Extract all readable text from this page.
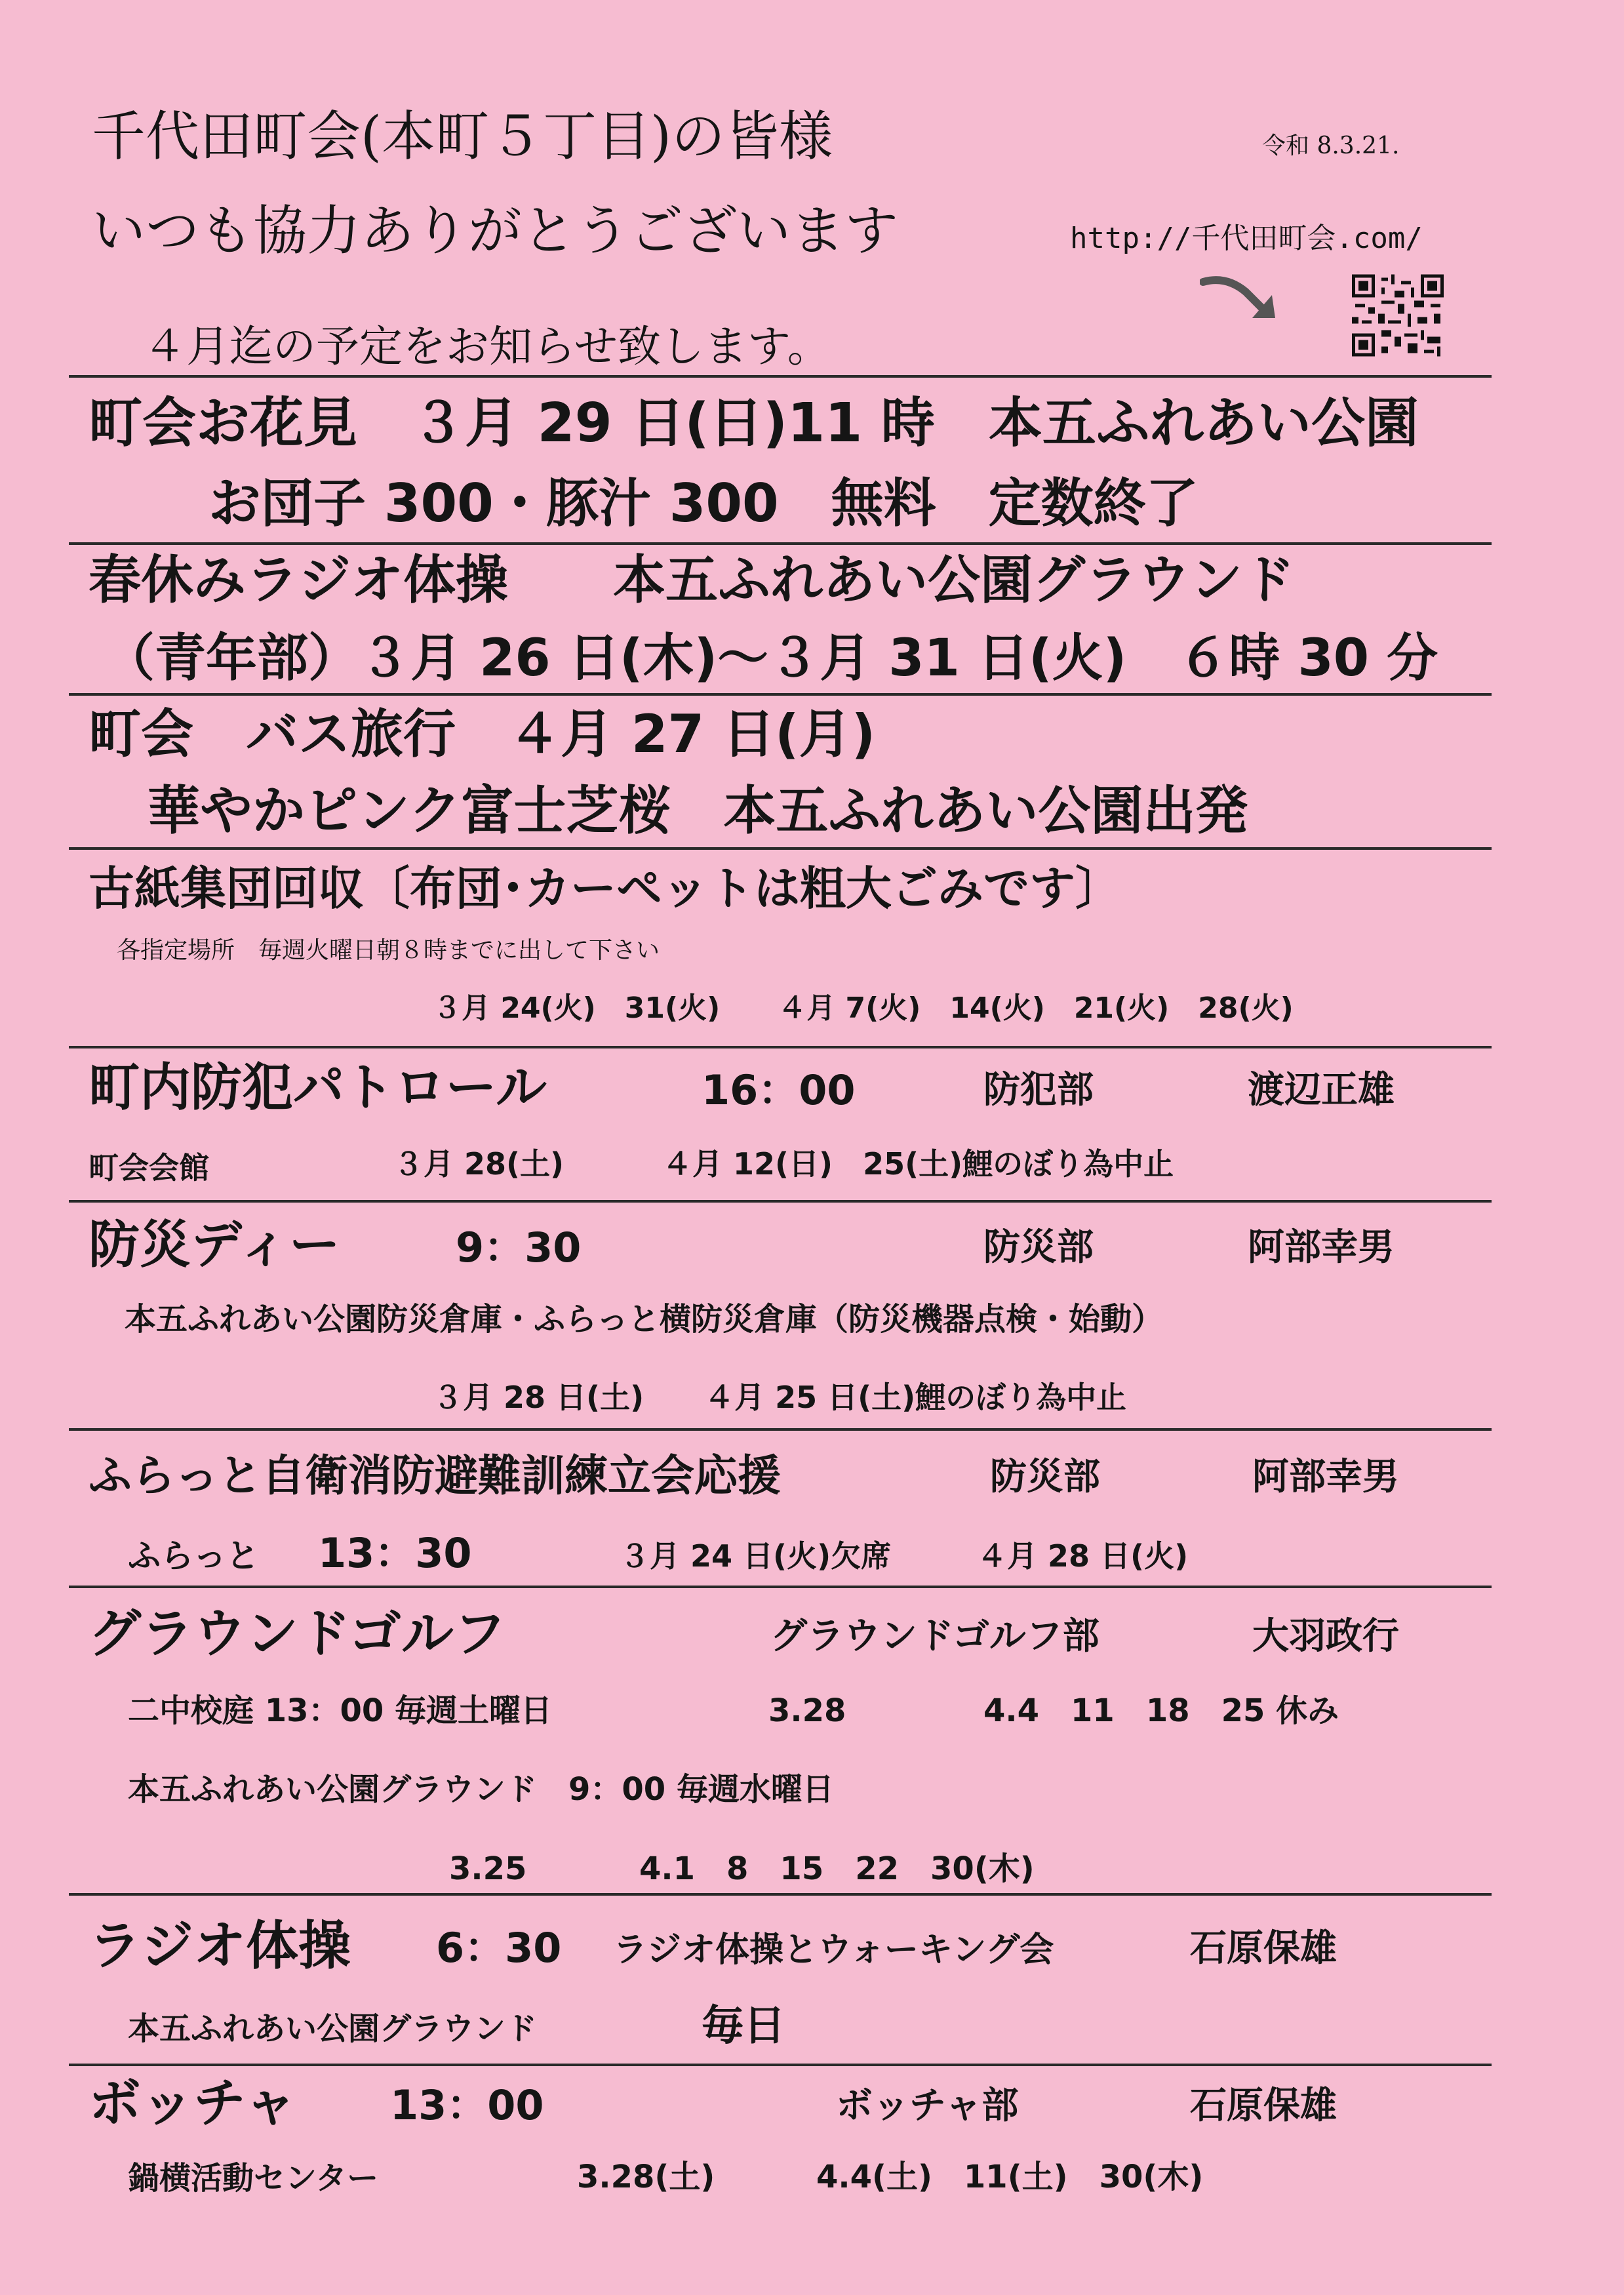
千代田町会(本町５丁目)の皆様	令和 8.3.21.
いつも協力ありがとうございます	http://千代田町会.com/
４月迄の予定をお知らせ致します。
町会お花見　３月 29 日(日)11 時　本五ふれあい公園
お団子 300・豚汁 300　無料　定数終了
春休みラジオ体操　　本五ふれあい公園グラウンド
（青年部）３月 26 日(木)～３月 31 日(火)　６時 30 分
町会　バス旅行　４月 27 日(月)
華やかピンク富士芝桜　本五ふれあい公園出発
古紙集団回収〔布団･カーペットは粗大ごみです〕
各指定場所　毎週火曜日朝８時までに出して下さい
３月 24(火)　31(火)　　４月 7(火)　14(火)　21(火)　28(火)
町内防犯パトロール	16：00	防犯部	渡辺正雄
町会会館	３月 28(土)	４月 12(日)　25(土)鯉のぼり為中止
防災ディー	9：30	防災部	阿部幸男
本五ふれあい公園防災倉庫・ふらっと横防災倉庫（防災機器点検・始動）
３月 28 日(土)　　４月 25 日(土)鯉のぼり為中止
ふらっと自衛消防避難訓練立会応援	防災部	阿部幸男
ふらっと 13：30	３月 24 日(火)欠席	４月 28 日(火)
グラウンドゴルフ	グラウンドゴルフ部	大羽政行
二中校庭 13：00 毎週土曜日	3.28	4.4　11　18　25 休み
本五ふれあい公園グラウンド　9：00 毎週水曜日
3.25	4.1　8　15　22　30(木)
ラジオ体操 6：30 ラジオ体操とウォーキング会	石原保雄
本五ふれあい公園グラウンド	毎日
ボッチャ 13：00	ボッチャ部	石原保雄
鍋横活動センター	3.28(土)	4.4(土)　11(土)　30(木)
